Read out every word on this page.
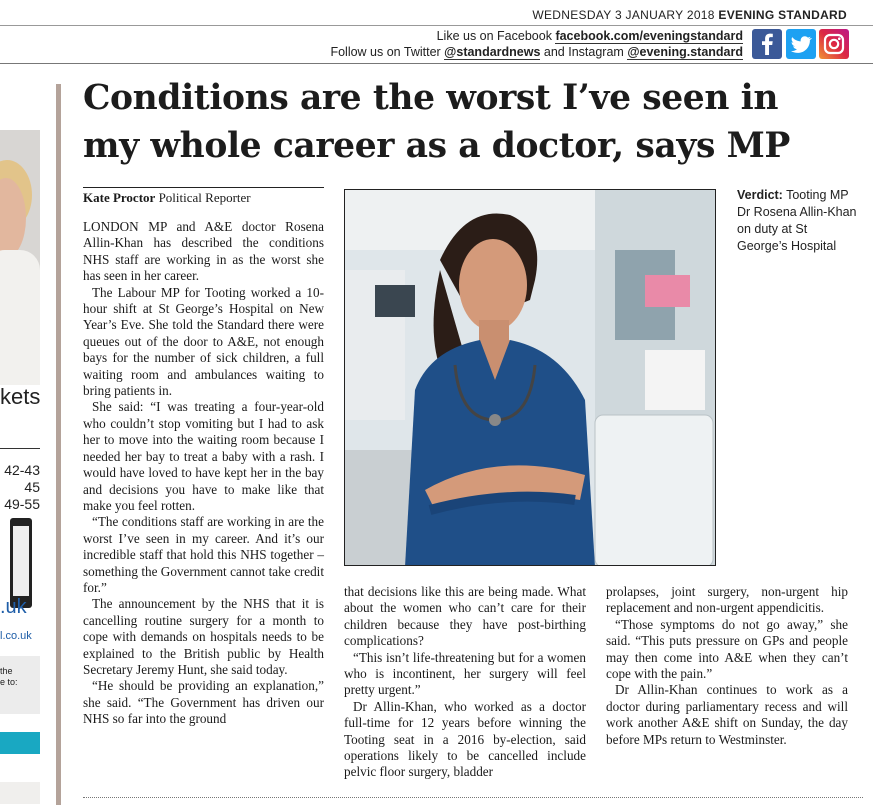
WEDNESDAY 3 JANUARY 2018 EVENING STANDARD
Like us on Facebook facebook.com/eveningstandard
Follow us on Twitter @standardnews and Instagram @evening.standard
kets
42-43
45
49-55
.uk
l.co.uk
the
e to:
Conditions are the worst I’ve seen in
my whole career as a doctor, says MP
Kate Proctor Political Reporter

LONDON MP and A&E doctor Rosena Allin-Khan has described the conditions NHS staff are working in as the worst she has seen in her career.

The Labour MP for Tooting worked a 10-hour shift at St George’s Hospital on New Year’s Eve. She told the Standard there were queues out of the door to A&E, not enough bays for the number of sick children, a full waiting room and ambulances waiting to bring patients in.

She said: “I was treating a four-year-old who couldn’t stop vomiting but I had to ask her to move into the waiting room because I needed her bay to treat a baby with a rash. I would have loved to have kept her in the bay and decisions you have to make like that make you feel rotten.

“The conditions staff are working in are the worst I’ve seen in my career. And it’s our incredible staff that hold this NHS together – something the Government cannot take credit for.”

The announcement by the NHS that it is cancelling routine surgery for a month to cope with demands on hospitals needs to be explained to the British public by Health Secretary Jeremy Hunt, she said today.

“He should be providing an explanation,” she said. “The Government has driven our NHS so far into the ground

Verdict: Tooting MP Dr Rosena Allin-Khan on duty at St George’s Hospital

that decisions like this are being made. What about the women who can’t care for their children because they have post-birthing complications?

“This isn’t life-threatening but for a women who is incontinent, her surgery will feel pretty urgent.”

Dr Allin-Khan, who worked as a doctor full-time for 12 years before winning the Tooting seat in a 2016 by-election, said operations likely to be cancelled include pelvic floor surgery, bladder

prolapses, joint surgery, non-urgent hip replacement and non-urgent appendicitis.

“Those symptoms do not go away,” she said. “This puts pressure on GPs and people may then come into A&E when they can’t cope with the pain.”

Dr Allin-Khan continues to work as a doctor during parliamentary recess and will work another A&E shift on Sunday, the day before MPs return to Westminster.
